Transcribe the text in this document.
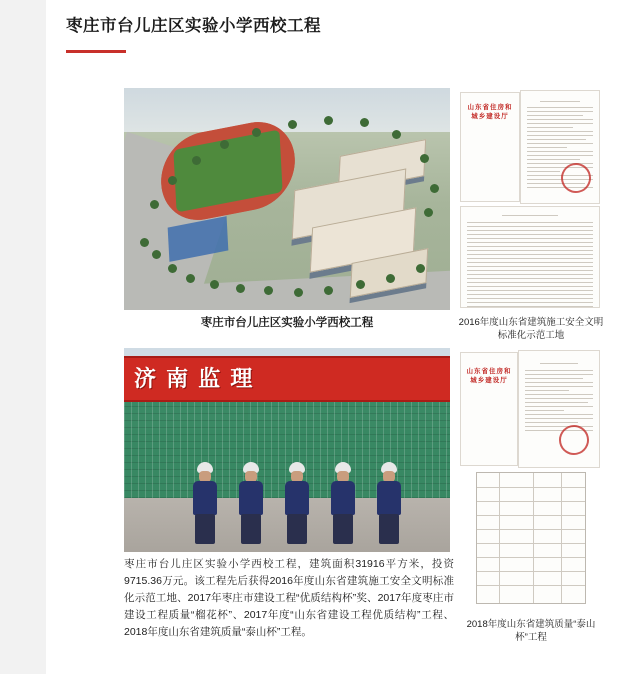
枣庄市台儿庄区实验小学西校工程
枣庄市台儿庄区实验小学西校工程
山东省住房和城乡建设厅
2016年度山东省建筑施工安全文明标准化示范工地
济 南 监 理
枣庄市台儿庄区实验小学西校工程，建筑面积31916平方米，投资9715.36万元。该工程先后获得2016年度山东省建筑施工安全文明标准化示范工地、2017年枣庄市建设工程“优质结构杯”奖、2017年度枣庄市建设工程质量“榴花杯”、2017年度“山东省建设工程优质结构”工程、2018年度山东省建筑质量“泰山杯”工程。
山东省住房和城乡建设厅
2018年度山东省建筑质量“泰山杯”工程
